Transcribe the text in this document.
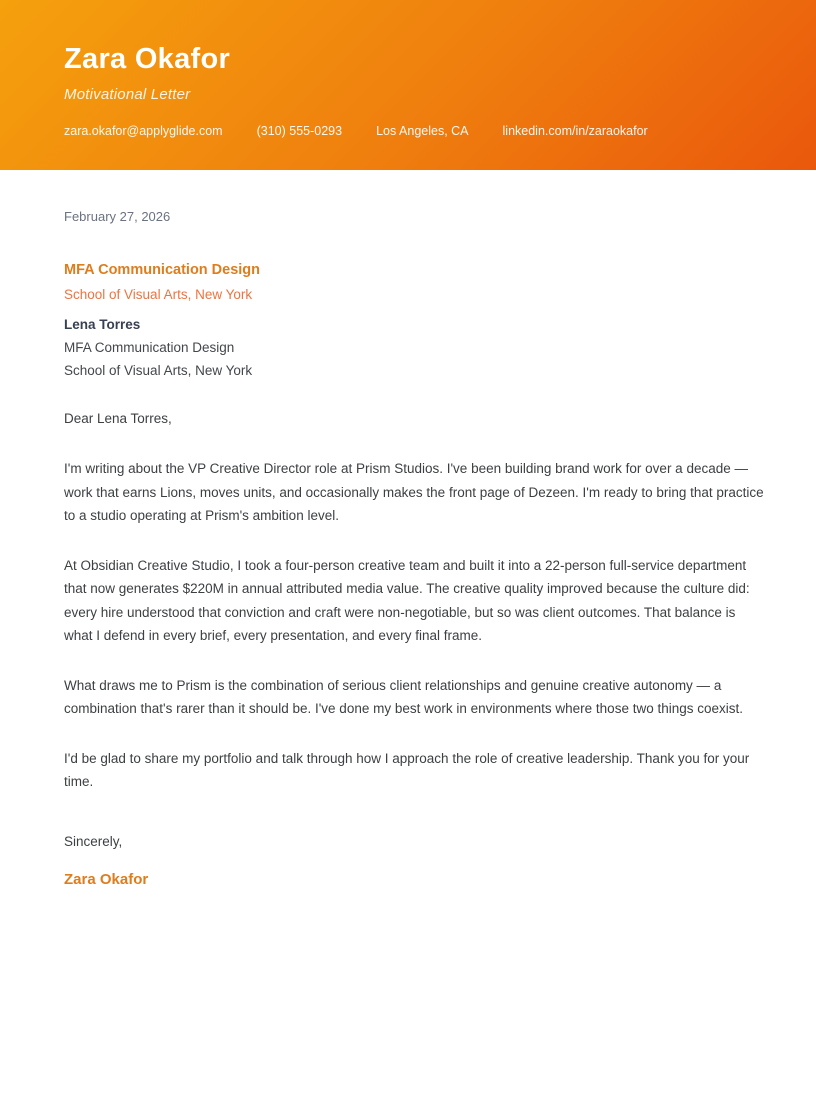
Zara Okafor
Motivational Letter
zara.okafor@applyglide.com	(310) 555-0293	Los Angeles, CA	linkedin.com/in/zaraokafor
February 27, 2026
MFA Communication Design
School of Visual Arts, New York
Lena Torres
MFA Communication Design
School of Visual Arts, New York
Dear Lena Torres,

I'm writing about the VP Creative Director role at Prism Studios. I've been building brand work for over a decade — work that earns Lions, moves units, and occasionally makes the front page of Dezeen. I'm ready to bring that practice to a studio operating at Prism's ambition level.

At Obsidian Creative Studio, I took a four-person creative team and built it into a 22-person full-service department that now generates $220M in annual attributed media value. The creative quality improved because the culture did: every hire understood that conviction and craft were non-negotiable, but so was client outcomes. That balance is what I defend in every brief, every presentation, and every final frame.

What draws me to Prism is the combination of serious client relationships and genuine creative autonomy — a combination that's rarer than it should be. I've done my best work in environments where those two things coexist.

I'd be glad to share my portfolio and talk through how I approach the role of creative leadership. Thank you for your time.

Sincerely,
Zara Okafor
